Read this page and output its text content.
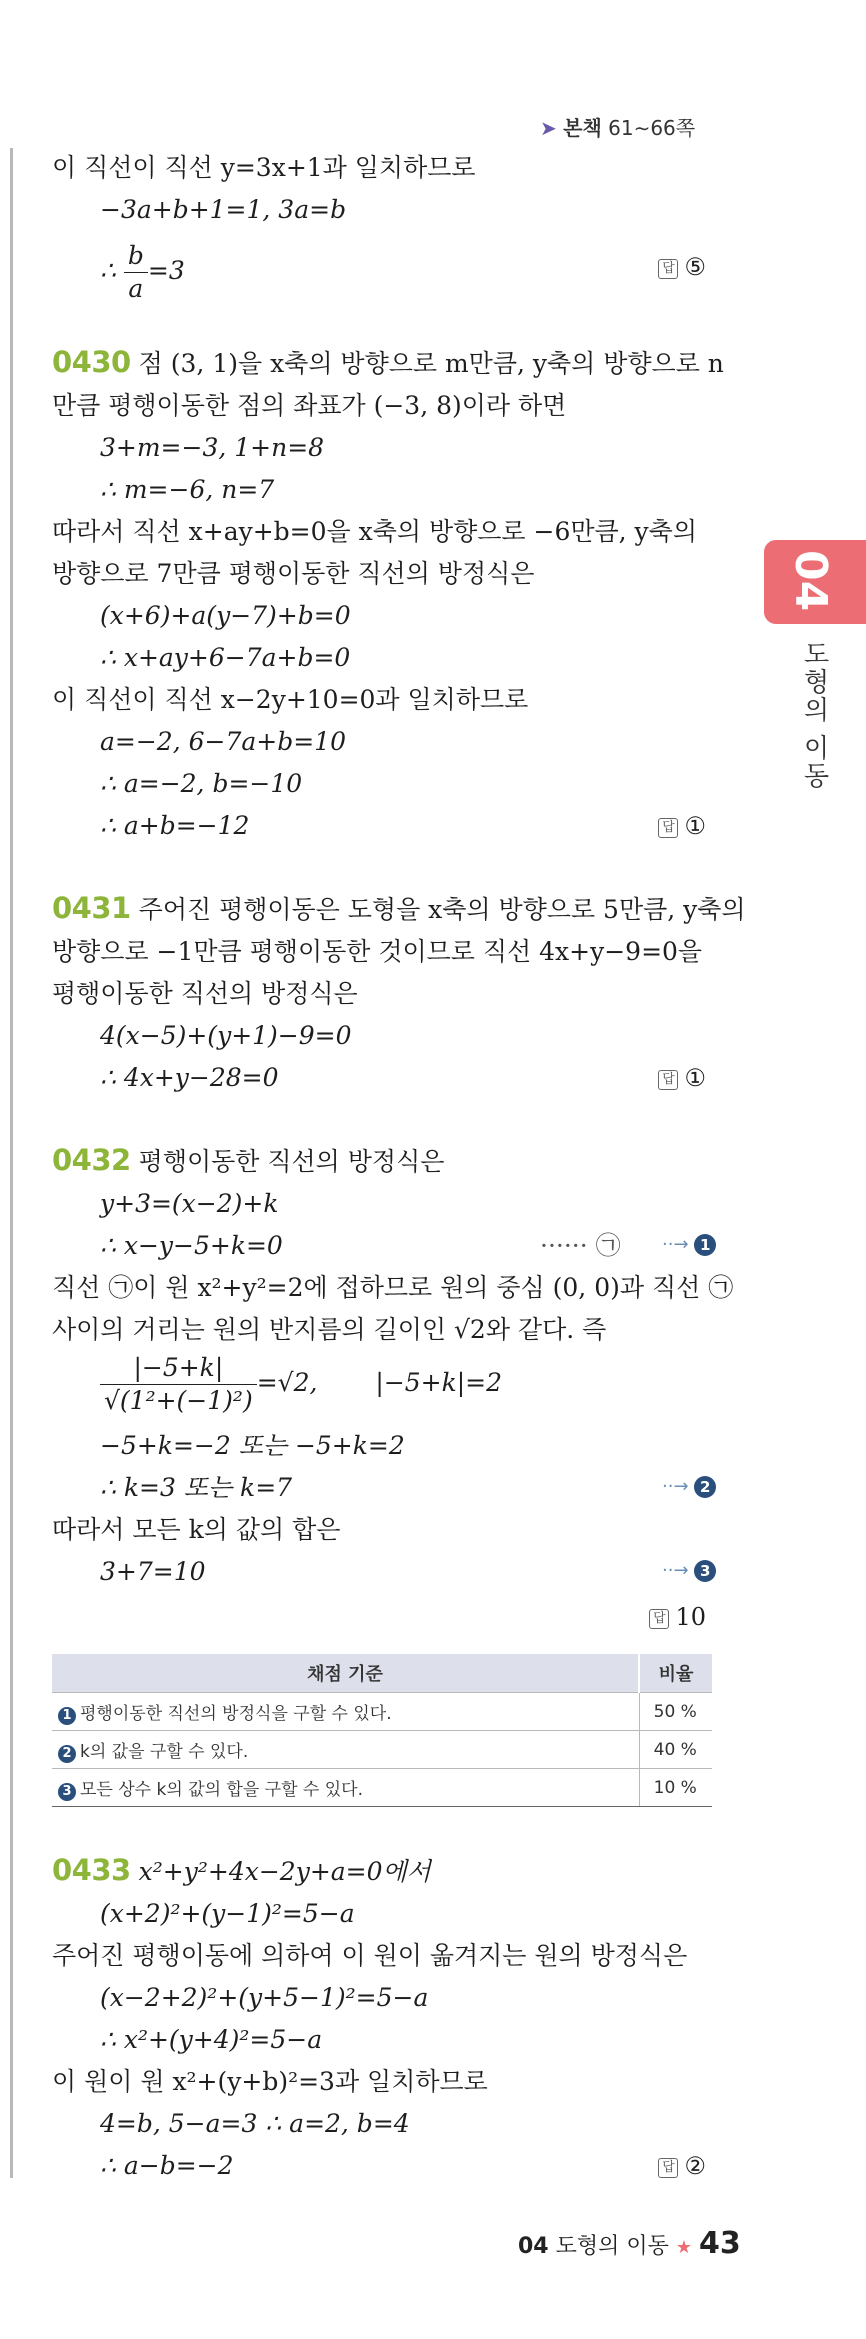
➤ 본책 61∼66쪽
04
도형의 이동
이 직선이 직선 y=3x+1과 일치하므로
−3a+b+1=1, 3a=b
∴ $\frac{b}{a} =3$	답 ⑤
0430 점 (3, 1)을 x축의 방향으로 m만큼, y축의 방향으로 n
만큼 평행이동한 점의 좌표가 (−3, 8)이라 하면
3+m=−3, 1+n=8
∴ m=−6, n=7
따라서 직선 x+ay+b=0을 x축의 방향으로 −6만큼, y축의
방향으로 7만큼 평행이동한 직선의 방정식은
(x+6)+a(y−7)+b=0
∴ x+ay+6−7a+b=0
이 직선이 직선 x−2y+10=0과 일치하므로
a=−2, 6−7a+b=10
∴ a=−2, b=−10
∴ a+b=−12	답 ①
0431 주어진 평행이동은 도형을 x축의 방향으로 5만큼, y축의
방향으로 −1만큼 평행이동한 것이므로 직선 4x+y−9=0을
평행이동한 직선의 방정식은
4(x−5)+(y+1)−9=0
∴ 4x+y−28=0	답 ①
0432 평행이동한 직선의 방정식은
y+3=(x−2)+k
∴ x−y−5+k=0	······ ㉠ ··→ 1
직선 ㉠이 원 x²+y²=2에 접하므로 원의 중심 (0, 0)과 직선 ㉠
사이의 거리는 원의 반지름의 길이인 √2와 같다. 즉
$\frac{|-5+k|}{\text{√(1²+(−1)²)}} =√2$, |−5+k|=2
−5+k=−2 또는 −5+k=2
∴ k=3 또는 k=7	··→ 2
따라서 모든 k의 값의 합은
3+7=10	··→ 3
답 10
채점 기준	비율
1 평행이동한 직선의 방정식을 구할 수 있다.	50 %
2 k의 값을 구할 수 있다.	40 %
3 모든 상수 k의 값의 합을 구할 수 있다.	10 %
0433 x²+y²+4x−2y+a=0에서
(x+2)²+(y−1)²=5−a
주어진 평행이동에 의하여 이 원이 옮겨지는 원의 방정식은
(x−2+2)²+(y+5−1)²=5−a
∴ x²+(y+4)²=5−a
이 원이 원 x²+(y+b)²=3과 일치하므로
4=b, 5−a=3 ∴ a=2, b=4
∴ a−b=−2	답 ②
04 도형의 이동 ★ 43
